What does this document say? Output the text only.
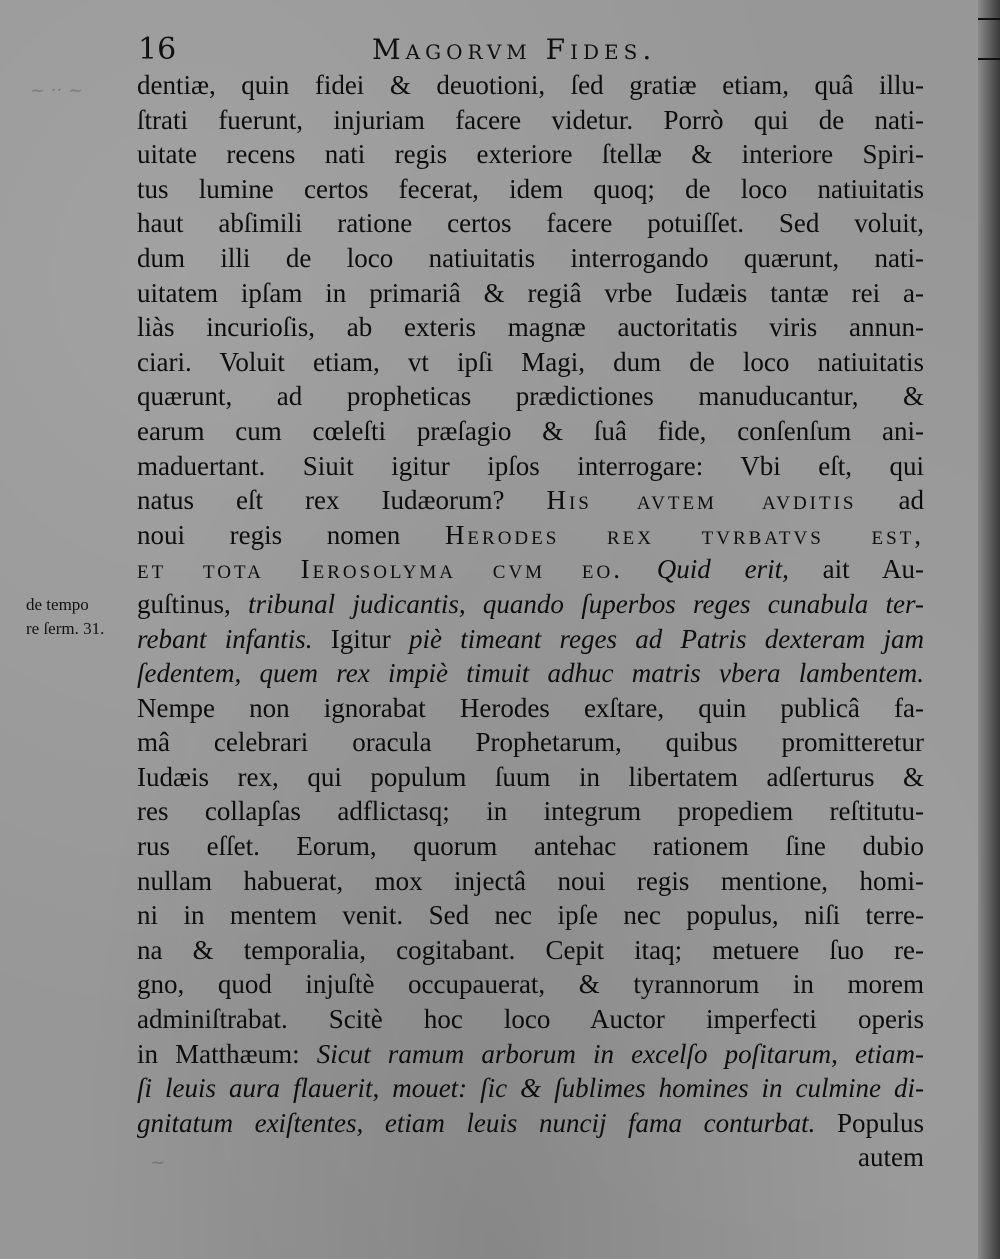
~ ·· ~
~
16	Magorvm Fides.
de tempo
re ſerm. 31.
dentiæ, quin fidei & deuotioni, ſed gratiæ etiam, quâ illu-
ſtrati fuerunt, injuriam facere videtur. Porrò qui de nati-
uitate recens nati regis exteriore ſtellæ & interiore Spiri-
tus lumine certos fecerat, idem quoq; de loco natiuitatis
haut abſimili ratione certos facere potuiſſet. Sed voluit,
dum illi de loco natiuitatis interrogando quærunt, nati-
uitatem ipſam in primariâ & regiâ vrbe Iudæis tantæ rei a-
liàs incurioſis, ab exteris magnæ auctoritatis viris annun-
ciari. Voluit etiam, vt ipſi Magi, dum de loco natiuitatis
quærunt, ad propheticas prædictiones manuducantur, &
earum cum cœleſti præſagio & ſuâ fide, conſenſum ani-
maduertant. Siuit igitur ipſos interrogare: Vbi eſt, qui
natus eſt rex Iudæorum? His avtem avditis ad
noui regis nomen Herodes rex tvrbatvs est,
et tota Ierosolyma cvm eo. Quid erit, ait Au-
guſtinus, tribunal judicantis, quando ſuperbos reges cunabula ter-
rebant infantis. Igitur piè timeant reges ad Patris dexteram jam
ſedentem, quem rex impiè timuit adhuc matris vbera lambentem.
Nempe non ignorabat Herodes exſtare, quin publicâ fa-
mâ celebrari oracula Prophetarum, quibus promitteretur
Iudæis rex, qui populum ſuum in libertatem adſerturus &
res collapſas adflictasq; in integrum propediem reſtitutu-
rus eſſet. Eorum, quorum antehac rationem ſine dubio
nullam habuerat, mox injectâ noui regis mentione, homi-
ni in mentem venit. Sed nec ipſe nec populus, niſi terre-
na & temporalia, cogitabant. Cepit itaq; metuere ſuo re-
gno, quod injuſtè occupauerat, & tyrannorum in morem
adminiſtrabat. Scitè hoc loco Auctor imperfecti operis
in Matthæum: Sicut ramum arborum in excelſo poſitarum, etiam-
ſi leuis aura flauerit, mouet: ſic & ſublimes homines in culmine di-
gnitatum exiſtentes, etiam leuis nuncij fama conturbat. Populus
autem
